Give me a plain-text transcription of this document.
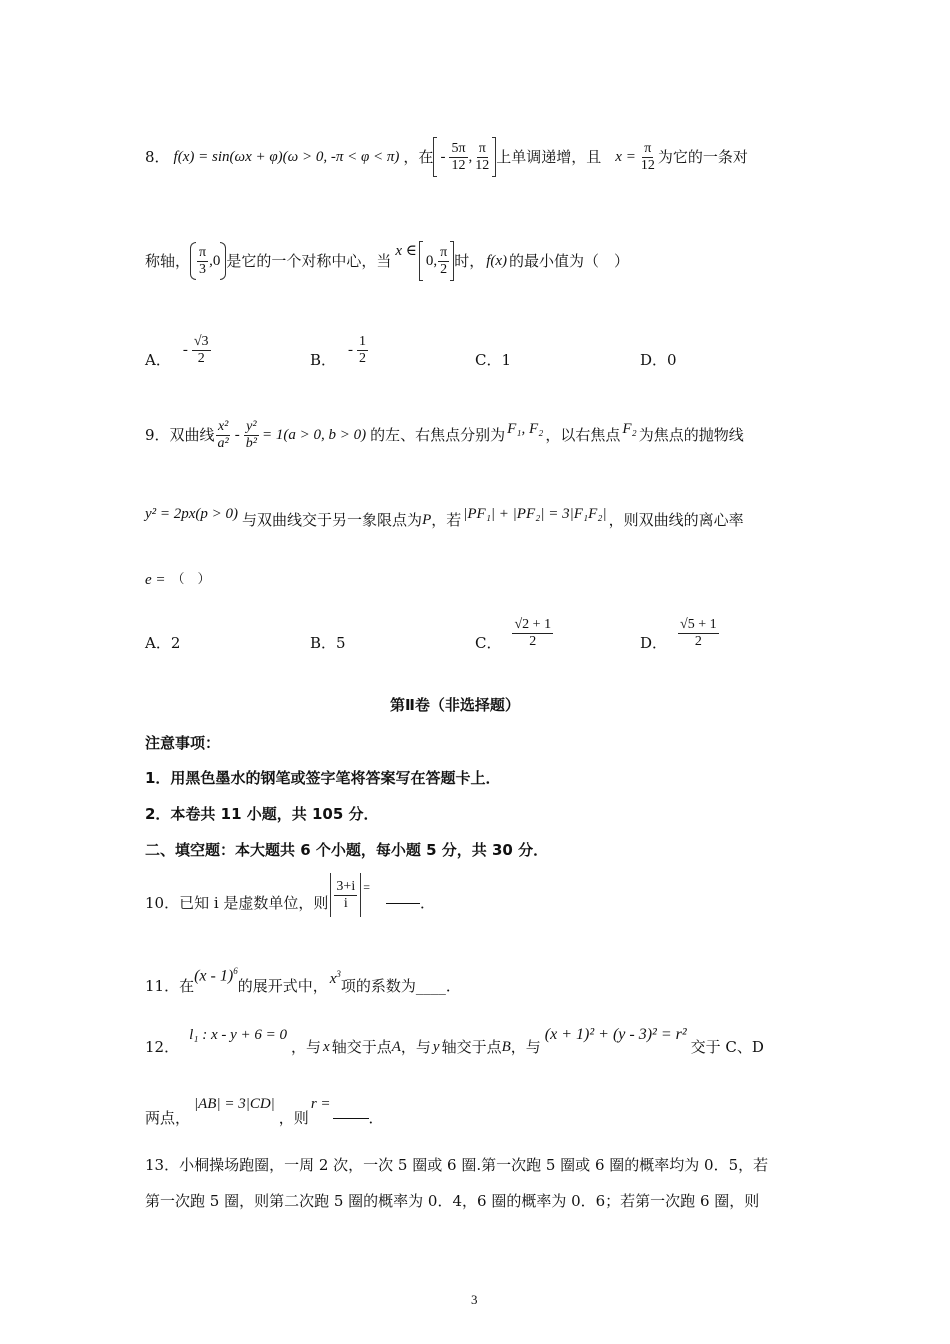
8． f(x) = sin(ωx + φ)(ω > 0, -π < φ < π) ，在 - $\frac{5\pi}{12}$ , $\frac{\pi}{12}$ 上单调递增，且 $x = \frac{\pi}{12}$ 为它的一条对
称轴， $\frac{\pi}{3} ,0$ 是它的一个对称中心，当
x ∈
0, $\frac{\pi}{2}$ 时， f(x) 的最小值为（　）
A．
- $\frac{√3}{2}$	B．
- $\frac{1}{2}$	C．1	D．0
9．双曲线 $\frac{\text{x²}}{\text{a²}} - \frac{\text{y²}}{\text{b²}} = 1(a > 0$, b > 0) 的左、右焦点分别为 F₁, F₂ ，以右焦点 F₂ 为焦点的抛物线
y² = 2px(p > 0) 与双曲线交于另一象限点为 P ，若 |PF₁| + |PF₂| = 3|F₁F₂| ，则双曲线的离心率
e = （　）
A．2	B．5	C． $\frac{√2 + 1}{2}$	D． $\frac{√5 + 1}{2}$
第Ⅱ卷（非选择题）
注意事项：
1．用黑色墨水的钢笔或签字笔将答案写在答题卡上．
2．本卷共 11 小题，共 105 分．
二、填空题：本大题共 6 个小题，每小题 5 分，共 30 分．
10．已知 i 是虚数单位，则 $\frac{3+i}{i}$ =
．
11．在
(x - 1)$^6$
的展开式中， $x^3$
项的系数为____．
12．
l₁ : x - y + 6 = 0
，与 x 轴交于点 A ，与 y 轴交于点 B ，与
(x + 1)² + (y - 3)² = r²
交于 C、D
两点，
|AB| = 3|CD|
，则
r =
．
13．小桐操场跑圈，一周 2 次，一次 5 圈或 6 圈.第一次跑 5 圈或 6 圈的概率均为 0．5，若
第一次跑 5 圈，则第二次跑 5 圈的概率为 0．4，6 圈的概率为 0．6；若第一次跑 6 圈，则
3
